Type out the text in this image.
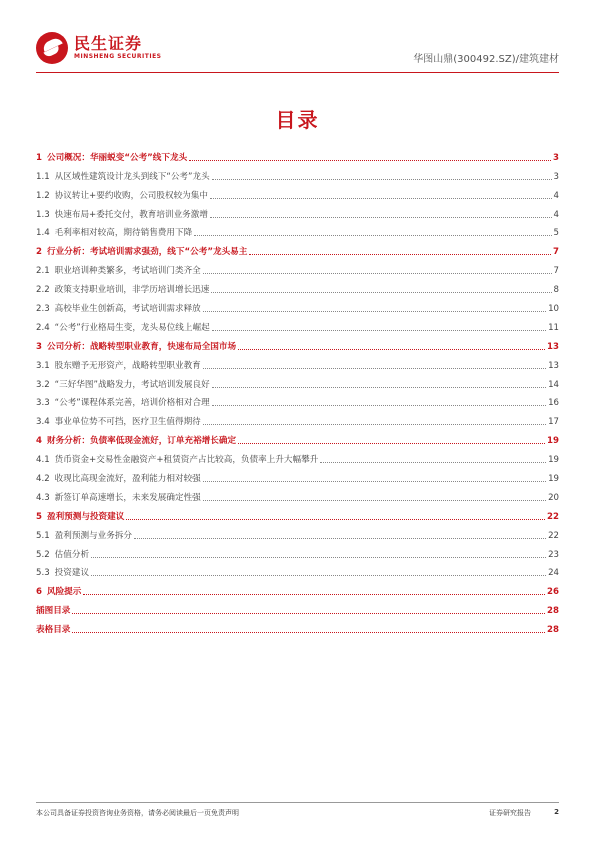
民生证券
MINSHENG SECURITIES	华图山鼎(300492.SZ)/建筑建材
目录
1 公司概况：华丽蜕变“公考”线下龙头	3
1.1 从区域性建筑设计龙头到线下“公考”龙头	3
1.2 协议转让+要约收购，公司股权较为集中	4
1.3 快速布局+委托交付，教育培训业务激增	4
1.4 毛利率相对较高，期待销售费用下降	5
2 行业分析：考试培训需求强劲，线下“公考”龙头易主	7
2.1 职业培训种类繁多，考试培训门类齐全	7
2.2 政策支持职业培训，非学历培训增长迅速	8
2.3 高校毕业生创新高，考试培训需求释放	10
2.4 “公考”行业格局生变，龙头易位线上崛起	11
3 公司分析：战略转型职业教育，快速布局全国市场	13
3.1 股东赠予无形资产，战略转型职业教育	13
3.2 “三好华图”战略发力，考试培训发展良好	14
3.3 “公考”课程体系完善，培训价格相对合理	16
3.4 事业单位势不可挡，医疗卫生值得期待	17
4 财务分析：负债率低现金流好，订单充裕增长确定	19
4.1 货币资金+交易性金融资产+租赁资产占比较高，负债率上升大幅攀升	19
4.2 收现比高现金流好，盈利能力相对较强	19
4.3 新签订单高速增长，未来发展确定性强	20
5 盈利预测与投资建议	22
5.1 盈利预测与业务拆分	22
5.2 估值分析	23
5.3 投资建议	24
6 风险提示	26
插图目录	28
表格目录	28
本公司具备证券投资咨询业务资格，请务必阅读最后一页免责声明	证券研究报告	2
